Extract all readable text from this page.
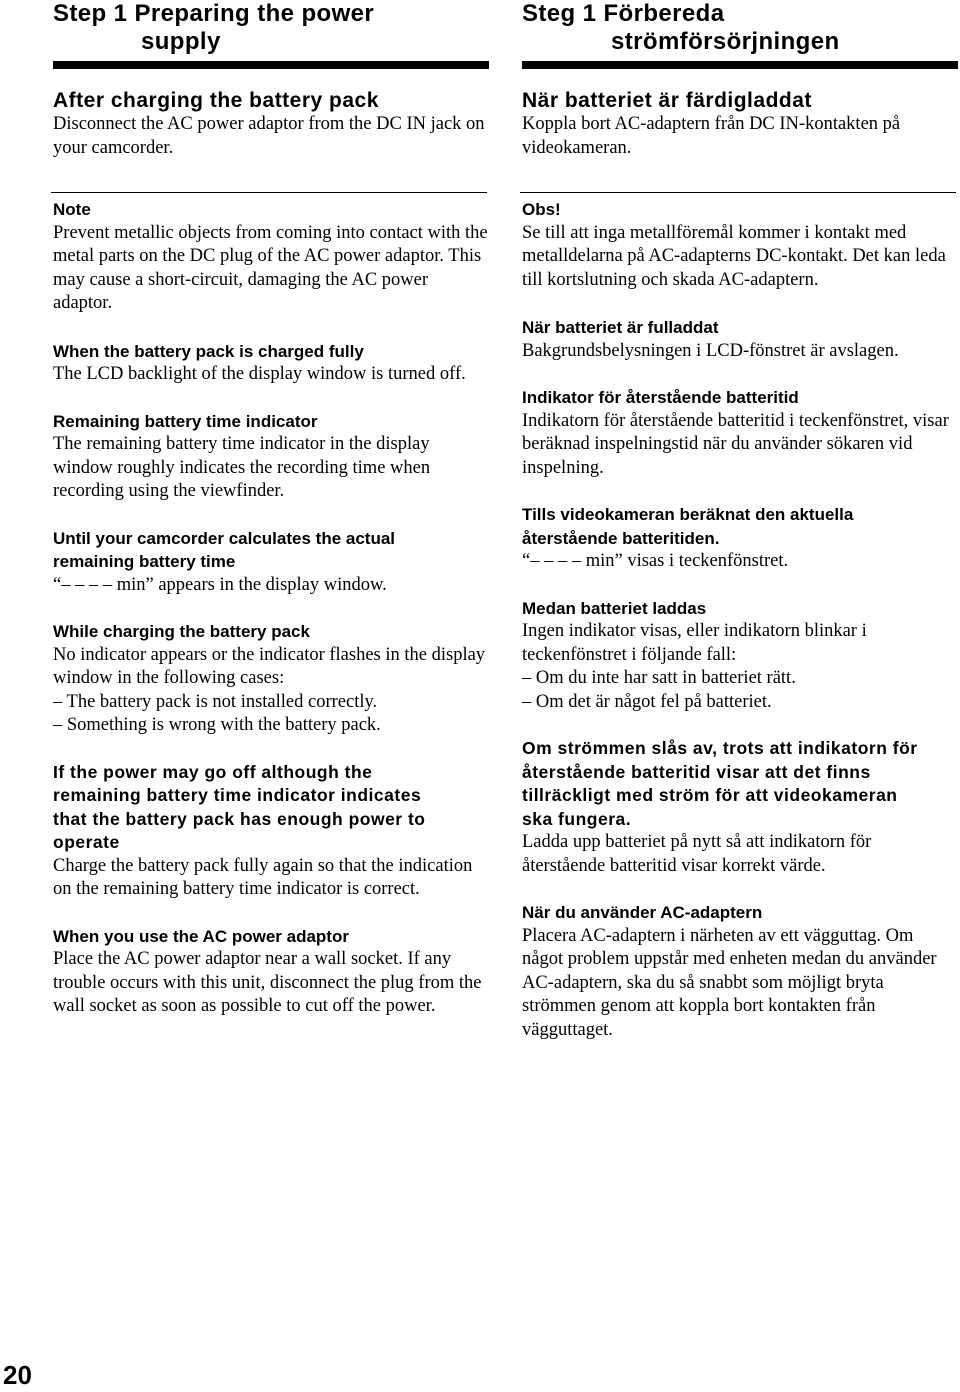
Step 1 Preparing the power
supply
After charging the battery pack
Disconnect the AC power adaptor from the DC IN jack on your camcorder.
Note
Prevent metallic objects from coming into contact with the metal parts on the DC plug of the AC power adaptor. This may cause a short-circuit, damaging the AC power adaptor.
When the battery pack is charged fully
The LCD backlight of the display window is turned off.
Remaining battery time indicator
The remaining battery time indicator in the display window roughly indicates the recording time when recording using the viewfinder.
Until your camcorder calculates the actual
remaining battery time
“– – – – min” appears in the display window.
While charging the battery pack
No indicator appears or the indicator flashes in the display window in the following cases:
– The battery pack is not installed correctly.
– Something is wrong with the battery pack.
If the power may go off although the
remaining battery time indicator indicates
that the battery pack has enough power to
operate
Charge the battery pack fully again so that the indication on the remaining battery time indicator is correct.
When you use the AC power adaptor
Place the AC power adaptor near a wall socket. If any trouble occurs with this unit, disconnect the plug from the wall socket as soon as possible to cut off the power.
Steg 1 Förbereda
strömförsörjningen
När batteriet är färdigladdat
Koppla bort AC-adaptern från DC IN-kontakten på videokameran.
Obs!
Se till att inga metallföremål kommer i kontakt med metalldelarna på AC-adapterns DC-kontakt. Det kan leda till kortslutning och skada AC-adaptern.
När batteriet är fulladdat
Bakgrundsbelysningen i LCD-fönstret är avslagen.
Indikator för återstående batteritid
Indikatorn för återstående batteritid i teckenfönstret, visar beräknad inspelningstid när du använder sökaren vid inspelning.
Tills videokameran beräknat den aktuella
återstående batteritiden.
“– – – – min” visas i teckenfönstret.
Medan batteriet laddas
Ingen indikator visas, eller indikatorn blinkar i teckenfönstret i följande fall:
– Om du inte har satt in batteriet rätt.
– Om det är något fel på batteriet.
Om strömmen slås av, trots att indikatorn för
återstående batteritid visar att det finns
tillräckligt med ström för att videokameran
ska fungera.
Ladda upp batteriet på nytt så att indikatorn för återstående batteritid visar korrekt värde.
När du använder AC-adaptern
Placera AC-adaptern i närheten av ett vägguttag. Om något problem uppstår med enheten medan du använder AC-adaptern, ska du så snabbt som möjligt bryta strömmen genom att koppla bort kontakten från vägguttaget.
20
